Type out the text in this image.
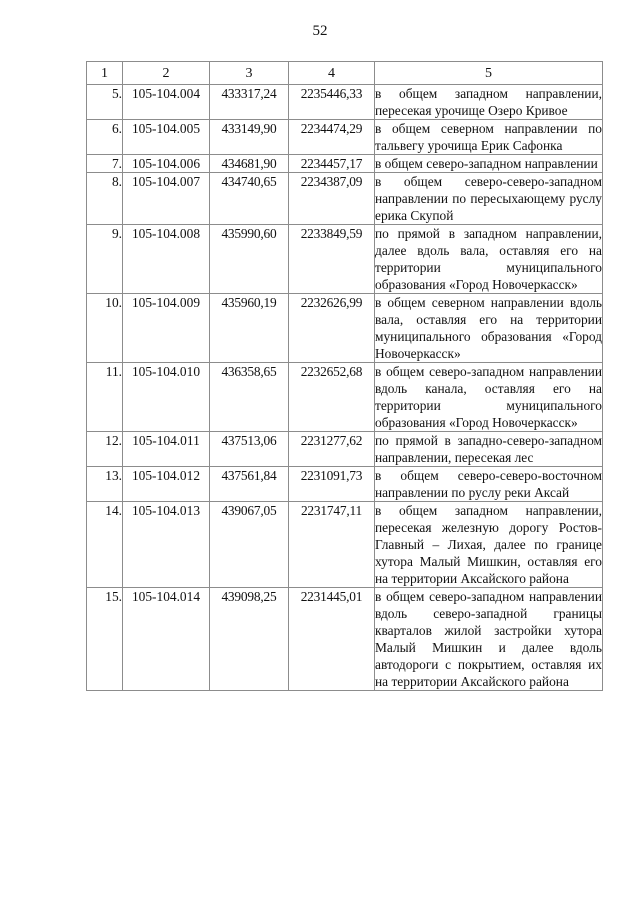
52
1	2	3	4	5
5.	105-104.004	433317,24	2235446,33	в общем западном направлении, пересекая урочище Озеро Кривое
6.	105-104.005	433149,90	2234474,29	в общем северном направлении по тальвегу урочища Ерик Сафонка
7.	105-104.006	434681,90	2234457,17	в общем северо-западном направлении
8.	105-104.007	434740,65	2234387,09	в общем северо-северо-западном направлении по пересыхающему руслу ерика Скупой
9.	105-104.008	435990,60	2233849,59	по прямой в западном направлении, далее вдоль вала, оставляя его на территории муниципального образования «Город Новочеркасск»
10.	105-104.009	435960,19	2232626,99	в общем северном направлении вдоль вала, оставляя его на территории муниципального образования «Город Новочеркасск»
11.	105-104.010	436358,65	2232652,68	в общем северо-западном направлении вдоль канала, оставляя его на территории муниципального образования «Город Новочеркасск»
12.	105-104.011	437513,06	2231277,62	по прямой в западно-северо-западном направлении, пересекая лес
13.	105-104.012	437561,84	2231091,73	в общем северо-северо-восточном направлении по руслу реки Аксай
14.	105-104.013	439067,05	2231747,11	в общем западном направлении, пересекая железную дорогу Ростов-Главный – Лихая, далее по границе хутора Малый Мишкин, оставляя его на территории Аксайского района
15.	105-104.014	439098,25	2231445,01	в общем северо-западном направлении вдоль северо-западной границы кварталов жилой застройки хутора Малый Мишкин и далее вдоль автодороги с покрытием, оставляя их на территории Аксайского района
